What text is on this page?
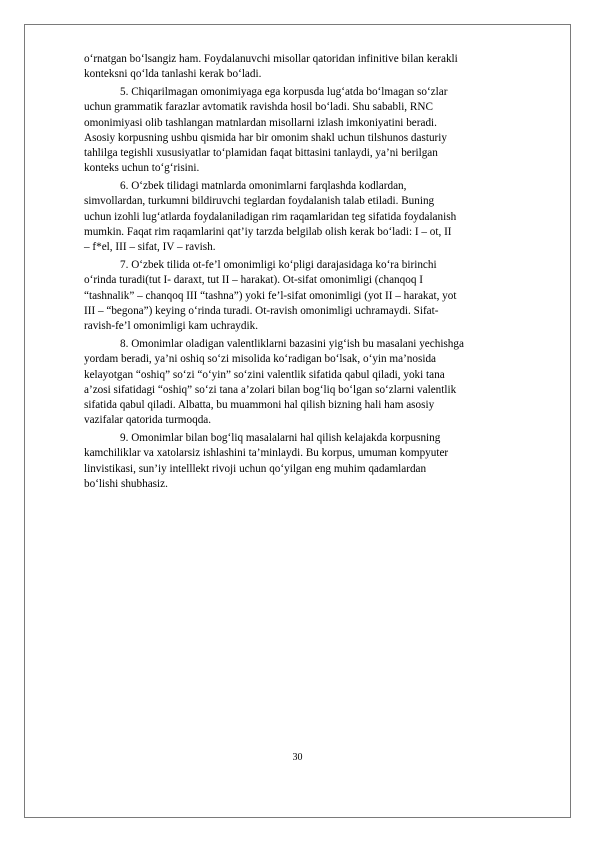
o‘rnatgan bo‘lsangiz ham. Foydalanuvchi misollar qatoridan infinitive bilan kerakli
konteksni qo‘lda tanlashi kerak bo‘ladi.

5. Chiqarilmagan omonimiyaga ega korpusda lug‘atda bo‘lmagan so‘zlar
uchun grammatik farazlar avtomatik ravishda hosil bo‘ladi. Shu sababli, RNC
omonimiyasi olib tashlangan matnlardan misollarni izlash imkoniyatini beradi.
Asosiy korpusning ushbu qismida har bir omonim shakl uchun tilshunos dasturiy
tahlilga tegishli xususiyatlar to‘plamidan faqat bittasini tanlaydi, ya’ni berilgan
konteks uchun to‘g‘risini.

6. O‘zbek tilidagi matnlarda omonimlarni farqlashda kodlardan,
simvollardan, turkumni bildiruvchi teglardan foydalanish talab etiladi. Buning
uchun izohli lug‘atlarda foydalaniladigan rim raqamlaridan teg sifatida foydalanish
mumkin. Faqat rim raqamlarini qat’iy tarzda belgilab olish kerak bo‘ladi: I – ot, II
– f*el, III – sifat, IV – ravish.

7. O‘zbek tilida ot-fe’l omonimligi ko‘pligi darajasidaga ko‘ra birinchi
o‘rinda turadi(tut I- daraxt, tut II – harakat). Ot-sifat omonimligi (chanqoq I
“tashnalik” – chanqoq III “tashna”) yoki fe’l-sifat omonimligi (yot II – harakat, yot
III – “begona”) keying o‘rinda turadi. Ot-ravish omonimligi uchramaydi. Sifat-
ravish-fe’l omonimligi kam uchraydik.

8. Omonimlar oladigan valentliklarni bazasini yig‘ish bu masalani yechishga
yordam beradi, ya’ni oshiq so‘zi misolida ko‘radigan bo‘lsak, o‘yin ma’nosida
kelayotgan “oshiq” so‘zi “o‘yin” so‘zini valentlik sifatida qabul qiladi, yoki tana
a’zosi sifatidagi “oshiq” so‘zi tana a’zolari bilan bog‘liq bo‘lgan so‘zlarni valentlik
sifatida qabul qiladi. Albatta, bu muammoni hal qilish bizning hali ham asosiy
vazifalar qatorida turmoqda.

9. Omonimlar bilan bog‘liq masalalarni hal qilish kelajakda korpusning
kamchiliklar va xatolarsiz ishlashini ta’minlaydi. Bu korpus, umuman kompyuter
linvistikasi, sun’iy intelllekt rivoji uchun qo‘yilgan eng muhim qadamlardan
bo‘lishi shubhasiz.

30
